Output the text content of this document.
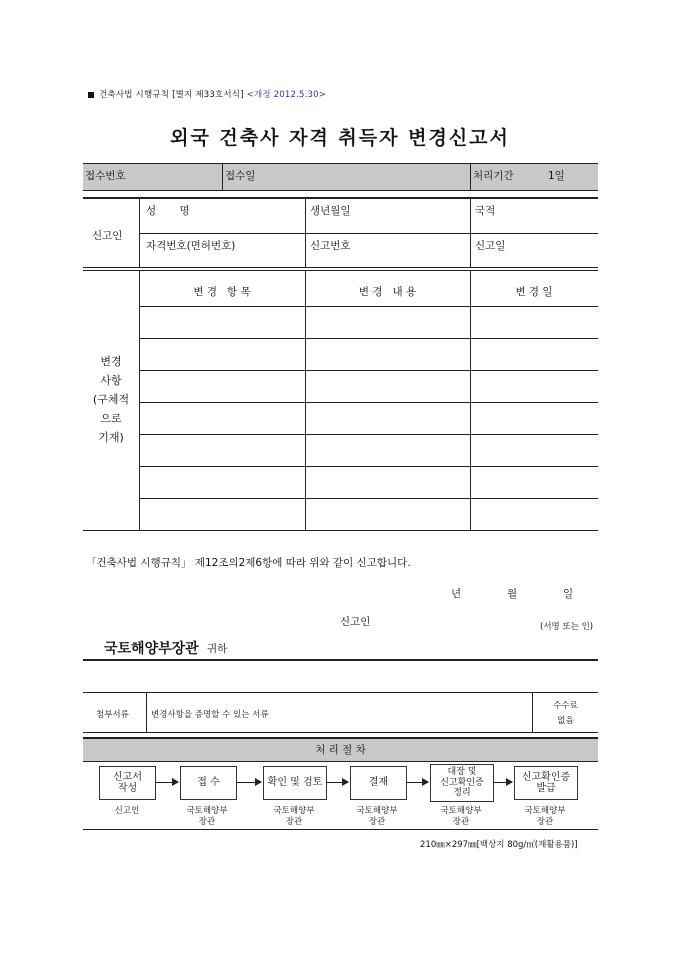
건축사법 시행규칙 [별지 제33호서식] <개정 2012.5.30>
외국 건축사 자격 취득자 변경신고서
접수번호	접수일	처리기간	1일
신고인
성       명	생년월일	국적
자격번호(면허번호)	신고번호	신고일
변 경   항 목	변 경   내 용	변 경 일
변경
사항
(구체적
으로
기재)
「건축사법 시행규칙」 제12조의2제6항에 따라 위와 같이 신고합니다.
년	월	일
신고인	(서명 또는 인)
국토해양부장관 귀하
첨부서류	변경사항을 증명할 수 있는 서류
수수료
없음
처 리 절 차
신고서
작성
접 수	확인 및 검토	결재
대장 및
신고확인증
정리
신고확인증
발급
신고인	국토해양부
장관
국토해양부
장관
국토해양부
장관
국토해양부
장관
국토해양부
장관
210㎜×297㎜[백상지 80g/㎡(재활용품)]
